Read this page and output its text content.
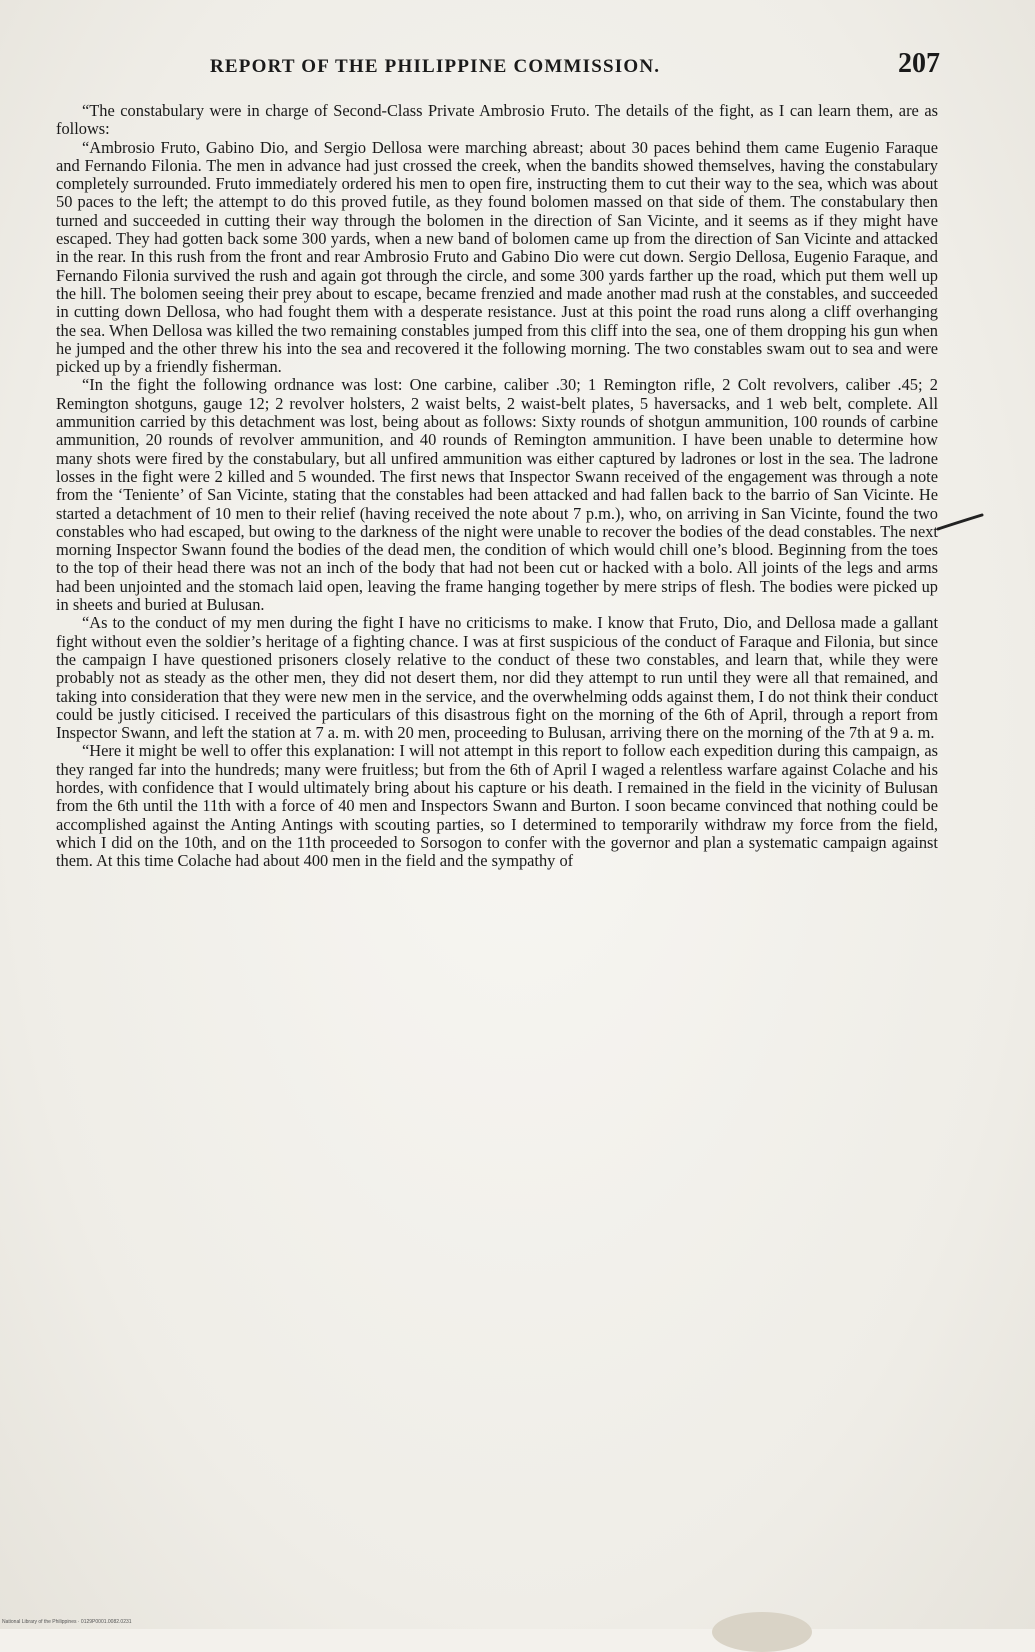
REPORT OF THE PHILIPPINE COMMISSION.	207

“The constabulary were in charge of Second-Class Private Ambrosio Fruto. The details of the fight, as I can learn them, are as follows:

“Ambrosio Fruto, Gabino Dio, and Sergio Dellosa were marching abreast; about 30 paces behind them came Eugenio Faraque and Fernando Filonia. The men in advance had just crossed the creek, when the bandits showed themselves, having the constabulary completely surrounded. Fruto immediately ordered his men to open fire, instructing them to cut their way to the sea, which was about 50 paces to the left; the attempt to do this proved futile, as they found bolomen massed on that side of them. The constabulary then turned and succeeded in cutting their way through the bolomen in the direction of San Vicinte, and it seems as if they might have escaped. They had gotten back some 300 yards, when a new band of bolomen came up from the direction of San Vicinte and attacked in the rear. In this rush from the front and rear Ambrosio Fruto and Gabino Dio were cut down. Sergio Dellosa, Eugenio Faraque, and Fernando Filonia survived the rush and again got through the circle, and some 300 yards farther up the road, which put them well up the hill. The bolomen seeing their prey about to escape, became frenzied and made another mad rush at the constables, and succeeded in cutting down Dellosa, who had fought them with a desperate resistance. Just at this point the road runs along a cliff overhanging the sea. When Dellosa was killed the two remaining constables jumped from this cliff into the sea, one of them dropping his gun when he jumped and the other threw his into the sea and recovered it the following morning. The two constables swam out to sea and were picked up by a friendly fisherman.

“In the fight the following ordnance was lost: One carbine, caliber .30; 1 Remington rifle, 2 Colt revolvers, caliber .45; 2 Remington shotguns, gauge 12; 2 revolver holsters, 2 waist belts, 2 waist-belt plates, 5 haversacks, and 1 web belt, complete. All ammunition carried by this detachment was lost, being about as follows: Sixty rounds of shotgun ammunition, 100 rounds of carbine ammunition, 20 rounds of revolver ammunition, and 40 rounds of Remington ammunition. I have been unable to determine how many shots were fired by the constabulary, but all unfired ammunition was either captured by ladrones or lost in the sea. The ladrone losses in the fight were 2 killed and 5 wounded. The first news that Inspector Swann received of the engagement was through a note from the ‘Teniente’ of San Vicinte, stating that the constables had been attacked and had fallen back to the barrio of San Vicinte. He started a detachment of 10 men to their relief (having received the note about 7 p.m.), who, on arriving in San Vicinte, found the two constables who had escaped, but owing to the darkness of the night were unable to recover the bodies of the dead constables. The next morning Inspector Swann found the bodies of the dead men, the condition of which would chill one’s blood. Beginning from the toes to the top of their head there was not an inch of the body that had not been cut or hacked with a bolo. All joints of the legs and arms had been unjointed and the stomach laid open, leaving the frame hanging together by mere strips of flesh. The bodies were picked up in sheets and buried at Bulusan.

“As to the conduct of my men during the fight I have no criticisms to make. I know that Fruto, Dio, and Dellosa made a gallant fight without even the soldier’s heritage of a fighting chance. I was at first suspicious of the conduct of Faraque and Filonia, but since the campaign I have questioned prisoners closely relative to the conduct of these two constables, and learn that, while they were probably not as steady as the other men, they did not desert them, nor did they attempt to run until they were all that remained, and taking into consideration that they were new men in the service, and the overwhelming odds against them, I do not think their conduct could be justly citicised. I received the particulars of this disastrous fight on the morning of the 6th of April, through a report from Inspector Swann, and left the station at 7 a. m. with 20 men, proceeding to Bulusan, arriving there on the morning of the 7th at 9 a. m.

“Here it might be well to offer this explanation: I will not attempt in this report to follow each expedition during this campaign, as they ranged far into the hundreds; many were fruitless; but from the 6th of April I waged a relentless warfare against Colache and his hordes, with confidence that I would ultimately bring about his capture or his death. I remained in the field in the vicinity of Bulusan from the 6th until the 11th with a force of 40 men and Inspectors Swann and Burton. I soon became convinced that nothing could be accomplished against the Anting Antings with scouting parties, so I determined to temporarily withdraw my force from the field, which I did on the 10th, and on the 11th proceeded to Sorsogon to confer with the governor and plan a systematic campaign against them. At this time Colache had about 400 men in the field and the sympathy of

National Library of the Philippines · 0129P0001.0082.0231
